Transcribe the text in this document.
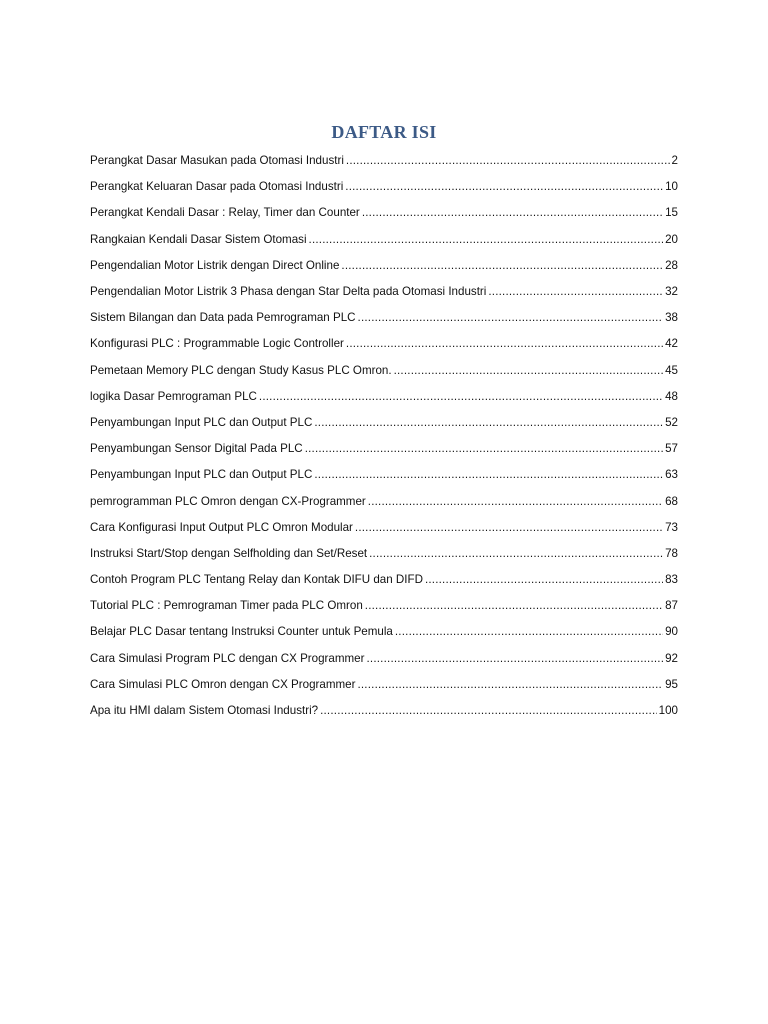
DAFTAR ISI
Perangkat Dasar Masukan pada Otomasi Industri .....	2
Perangkat Keluaran Dasar pada Otomasi Industri .....	10
Perangkat Kendali Dasar : Relay, Timer dan Counter .....	15
Rangkaian Kendali Dasar Sistem Otomasi .....	20
Pengendalian Motor Listrik dengan Direct Online .....	28
Pengendalian Motor Listrik 3 Phasa dengan Star Delta pada Otomasi Industri .....	32
Sistem Bilangan dan Data pada Pemrograman PLC .....	38
Konfigurasi PLC : Programmable Logic Controller .....	42
Pemetaan Memory PLC dengan Study Kasus PLC Omron. .....	45
logika Dasar Pemrograman PLC .....	48
Penyambungan Input PLC dan Output PLC .....	52
Penyambungan Sensor Digital Pada PLC .....	57
Penyambungan Input PLC dan Output PLC .....	63
pemrogramman PLC Omron dengan CX-Programmer .....	68
Cara Konfigurasi Input Output PLC Omron Modular .....	73
Instruksi Start/Stop dengan Selfholding dan Set/Reset .....	78
Contoh Program PLC Tentang Relay dan Kontak DIFU dan DIFD .....	83
Tutorial PLC : Pemrograman Timer pada PLC Omron .....	87
Belajar PLC Dasar tentang Instruksi Counter untuk Pemula .....	90
Cara Simulasi Program PLC dengan CX Programmer .....	92
Cara Simulasi PLC Omron dengan CX Programmer .....	95
Apa itu HMI dalam Sistem Otomasi Industri? .....	100
